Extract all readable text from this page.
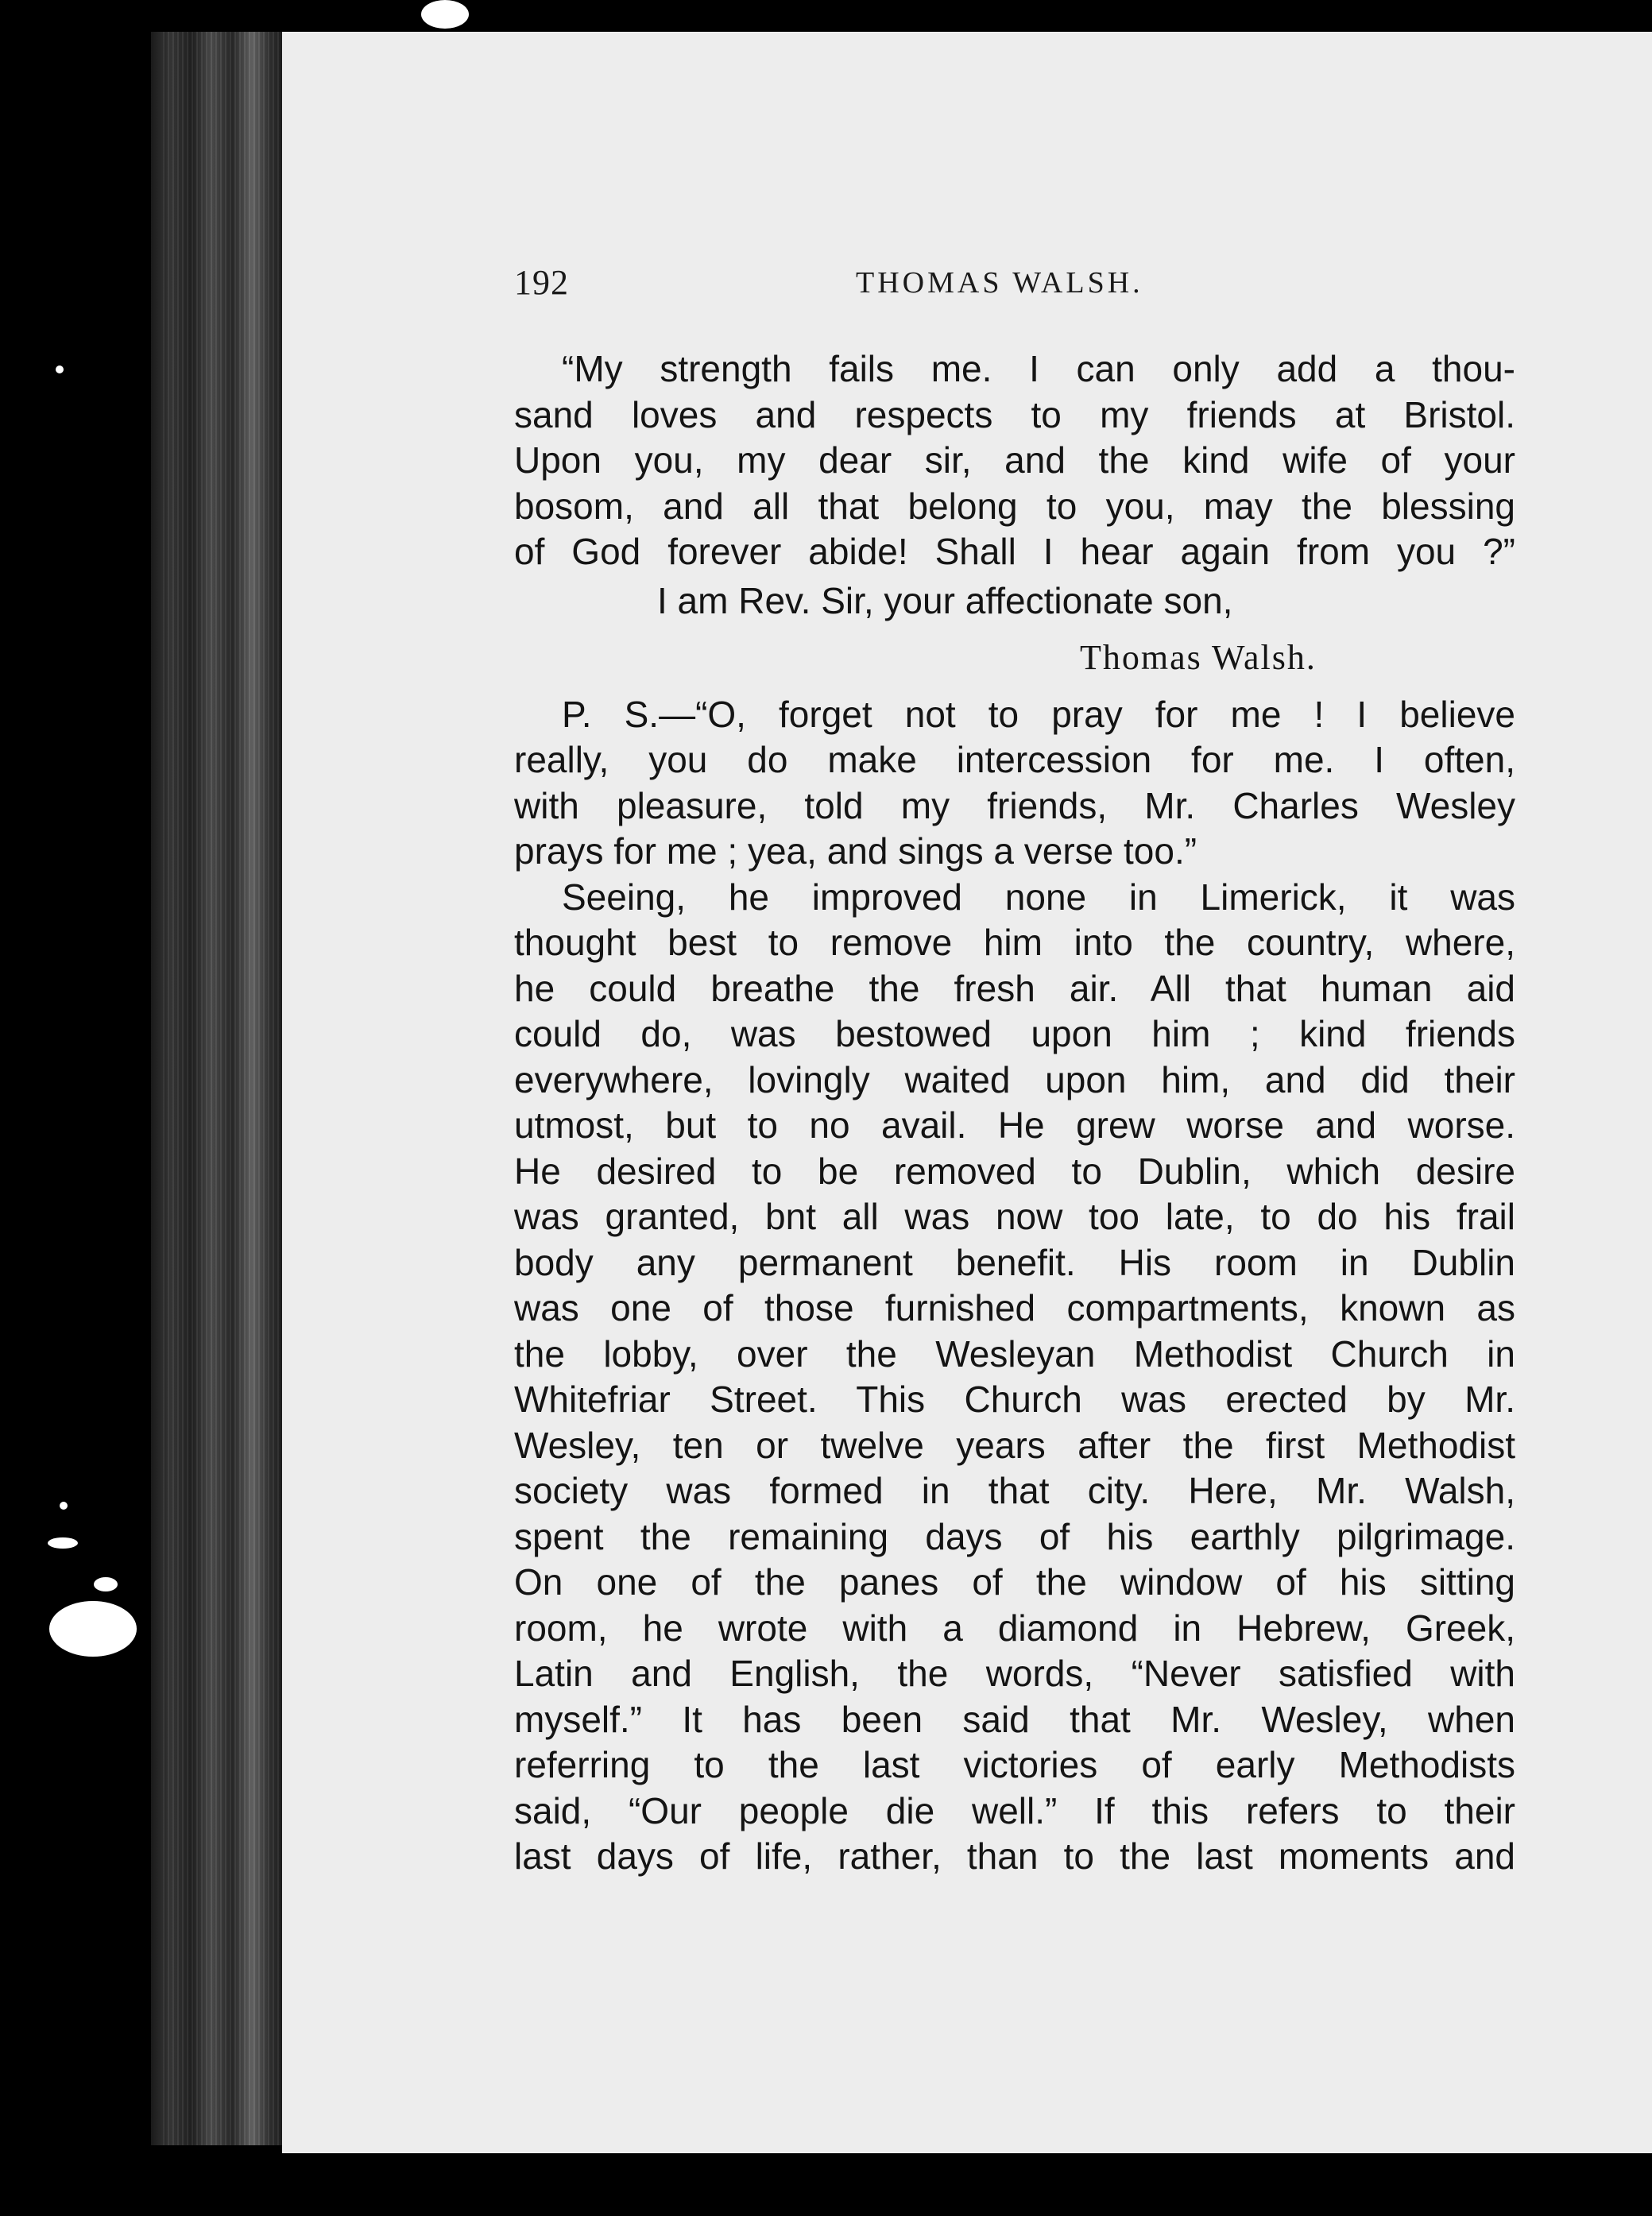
192	THOMAS WALSH.
“My strength fails me. I can only add a thou-
sand loves and respects to my friends at Bristol.
Upon you, my dear sir, and the kind wife of your
bosom, and all that belong to you, may the blessing
of God forever abide! Shall I hear again from you ?”
I am Rev. Sir, your affectionate son,
Thomas Walsh.
P. S.—“O, forget not to pray for me ! I believe
really, you do make intercession for me. I often,
with pleasure, told my friends, Mr. Charles Wesley
prays for me ; yea, and sings a verse too.”
Seeing, he improved none in Limerick, it was
thought best to remove him into the country, where,
he could breathe the fresh air. All that human aid
could do, was bestowed upon him ; kind friends
everywhere, lovingly waited upon him, and did their
utmost, but to no avail. He grew worse and worse.
He desired to be removed to Dublin, which desire
was granted, bnt all was now too late, to do his frail
body any permanent benefit. His room in Dublin
was one of those furnished compartments, known as
the lobby, over the Wesleyan Methodist Church in
Whitefriar Street. This Church was erected by Mr.
Wesley, ten or twelve years after the first Methodist
society was formed in that city. Here, Mr. Walsh,
spent the remaining days of his earthly pilgrimage.
On one of the panes of the window of his sitting
room, he wrote with a diamond in Hebrew, Greek,
Latin and English, the words, “Never satisfied with
myself.” It has been said that Mr. Wesley, when
referring to the last victories of early Methodists
said, “Our people die well.” If this refers to their
last days of life, rather, than to the last moments and
